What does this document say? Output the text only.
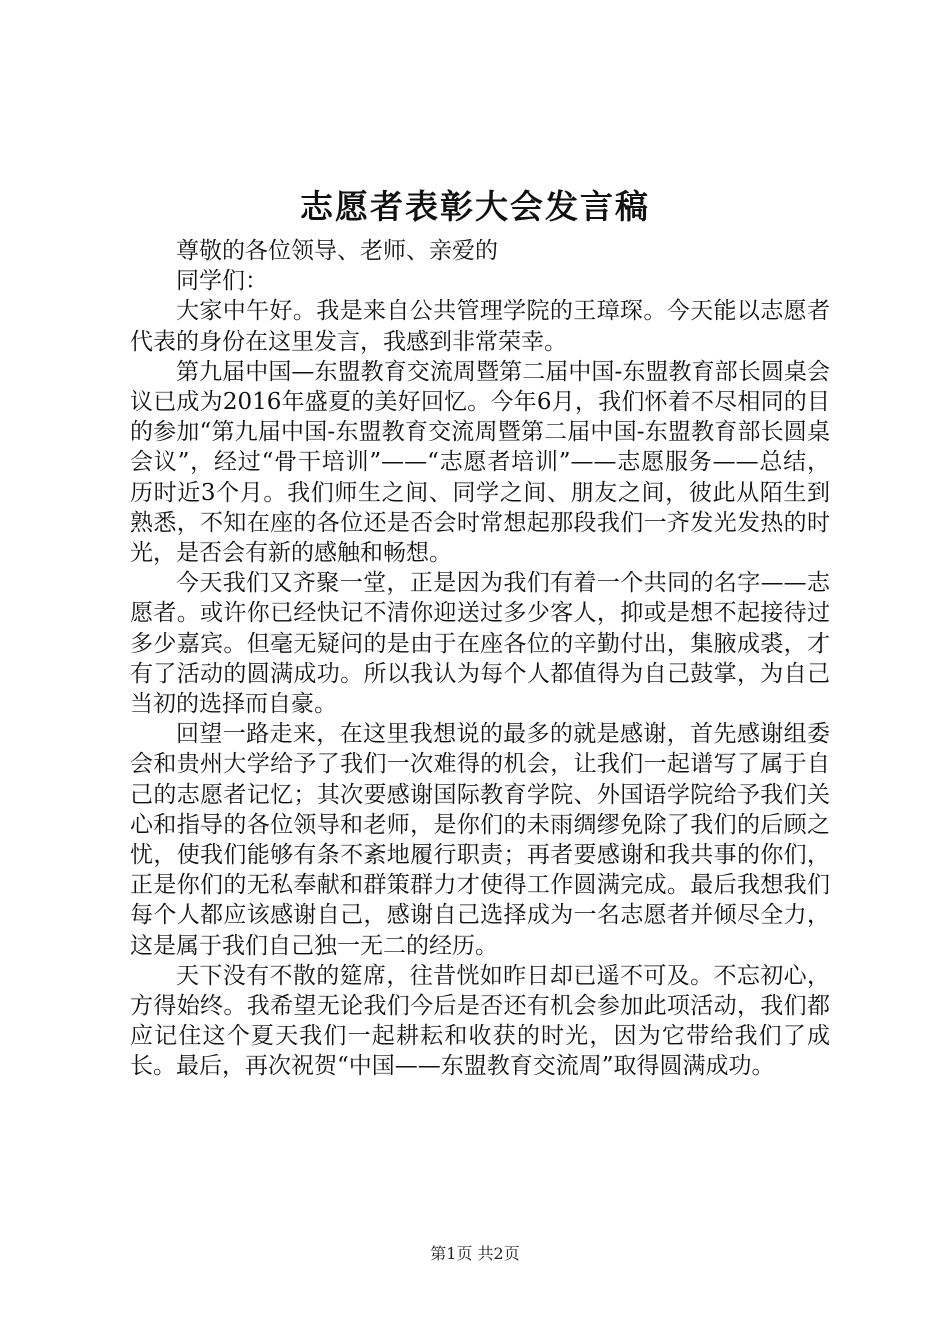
志愿者表彰大会发言稿

尊敬的各位领导、老师、亲爱的

同学们：

大家中午好。我是来自公共管理学院的王璋琛。今天能以志愿者代表的身份在这里发言，我感到非常荣幸。

第九届中国—东盟教育交流周暨第二届中国-东盟教育部长圆桌会议已成为2016年盛夏的美好回忆。今年6月，我们怀着不尽相同的目的参加“第九届中国-东盟教育交流周暨第二届中国-东盟教育部长圆桌会议”，经过“骨干培训”——“志愿者培训”——志愿服务——总结，历时近3个月。我们师生之间、同学之间、朋友之间，彼此从陌生到熟悉，不知在座的各位还是否会时常想起那段我们一齐发光发热的时光，是否会有新的感触和畅想。

今天我们又齐聚一堂，正是因为我们有着一个共同的名字——志愿者。或许你已经快记不清你迎送过多少客人，抑或是想不起接待过多少嘉宾。但毫无疑问的是由于在座各位的辛勤付出，集腋成裘，才有了活动的圆满成功。所以我认为每个人都值得为自己鼓掌，为自己当初的选择而自豪。

回望一路走来，在这里我想说的最多的就是感谢，首先感谢组委会和贵州大学给予了我们一次难得的机会，让我们一起谱写了属于自己的志愿者记忆；其次要感谢国际教育学院、外国语学院给予我们关心和指导的各位领导和老师，是你们的未雨绸缪免除了我们的后顾之忧，使我们能够有条不紊地履行职责；再者要感谢和我共事的你们，正是你们的无私奉献和群策群力才使得工作圆满完成。最后我想我们每个人都应该感谢自己，感谢自己选择成为一名志愿者并倾尽全力，这是属于我们自己独一无二的经历。

天下没有不散的筵席，往昔恍如昨日却已遥不可及。不忘初心，方得始终。我希望无论我们今后是否还有机会参加此项活动，我们都应记住这个夏天我们一起耕耘和收获的时光，因为它带给我们了成长。最后，再次祝贺“中国——东盟教育交流周”取得圆满成功。

第1页 共2页
